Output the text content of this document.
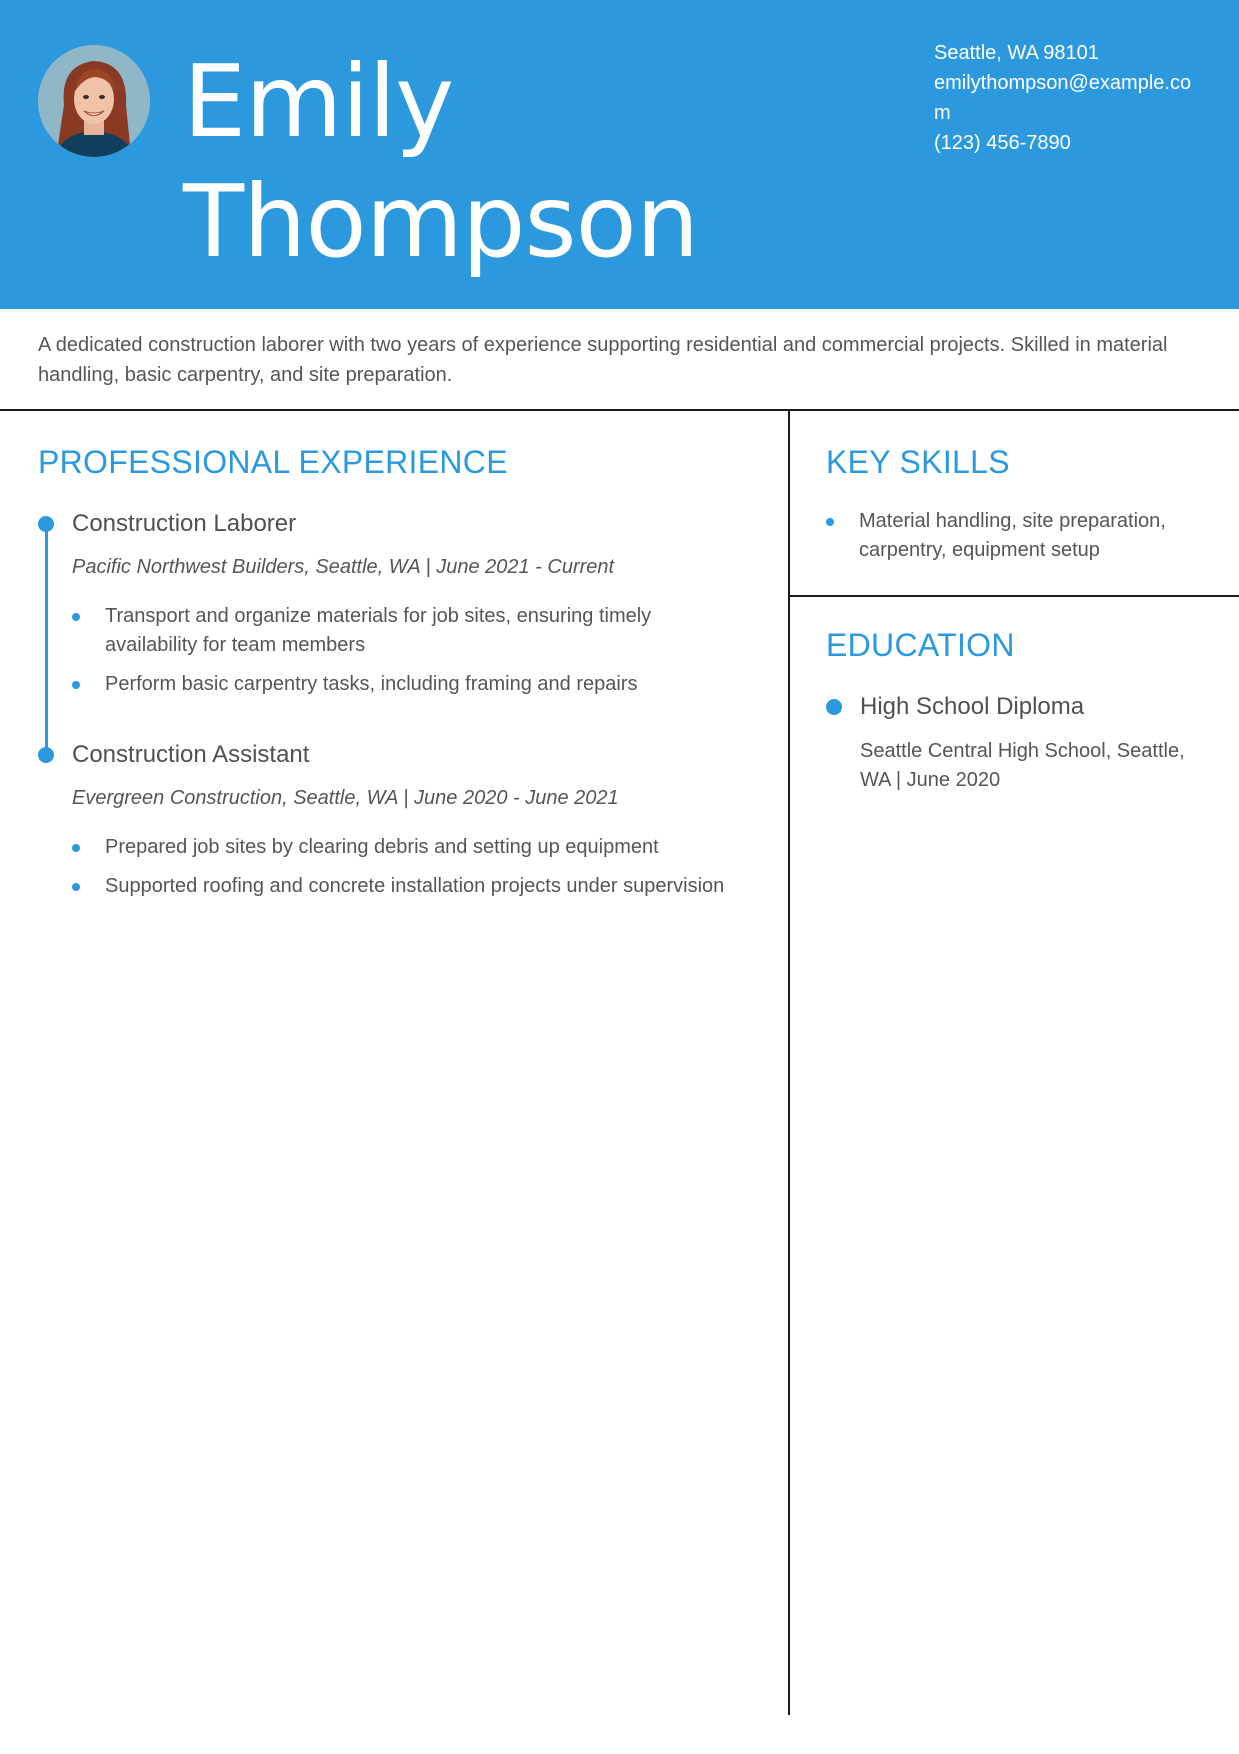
Emily
Thompson
Seattle, WA 98101
emilythompson@example.com
(123) 456-7890

A dedicated construction laborer with two years of experience supporting residential and commercial projects. Skilled in material handling, basic carpentry, and site preparation.

PROFESSIONAL EXPERIENCE
Construction Laborer
Pacific Northwest Builders, Seattle, WA | June 2021 - Current
Transport and organize materials for job sites, ensuring timely availability for team members
Perform basic carpentry tasks, including framing and repairs
Construction Assistant
Evergreen Construction, Seattle, WA | June 2020 - June 2021
Prepared job sites by clearing debris and setting up equipment
Supported roofing and concrete installation projects under supervision
KEY SKILLS
Material handling, site preparation, carpentry, equipment setup
EDUCATION
High School Diploma
Seattle Central High School, Seattle, WA | June 2020
